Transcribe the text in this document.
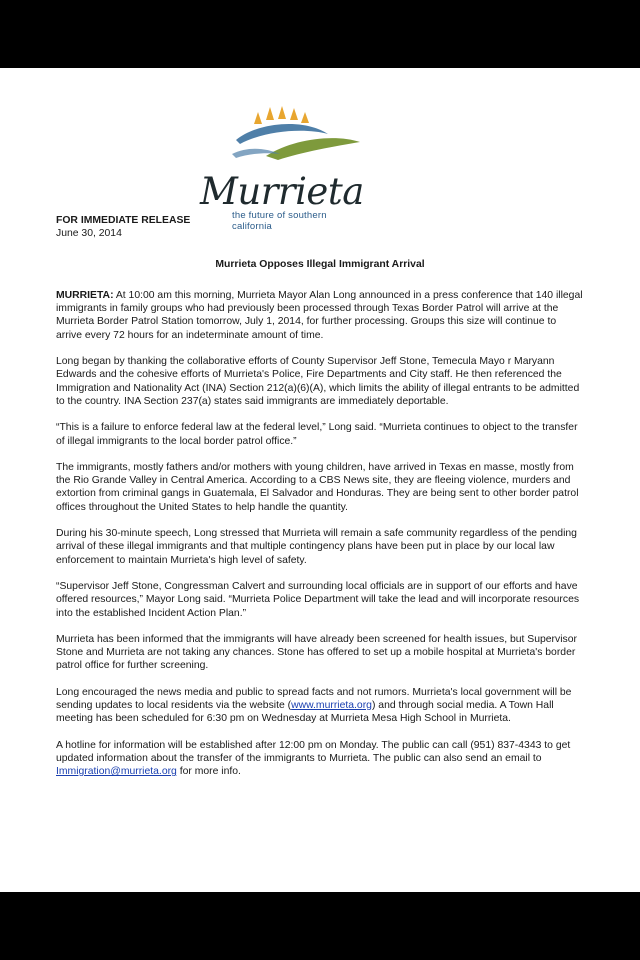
Murrieta
the future of southern california
FOR IMMEDIATE RELEASE
June 30, 2014
Murrieta Opposes Illegal Immigrant Arrival

MURRIETA: At 10:00 am this morning, Murrieta Mayor Alan Long announced in a press conference that 140 illegal immigrants in family groups who had previously been processed through Texas Border Patrol will arrive at the Murrieta Border Patrol Station tomorrow, July 1, 2014, for further processing. Groups this size will continue to arrive every 72 hours for an indeterminate amount of time.

Long began by thanking the collaborative efforts of County Supervisor Jeff Stone, Temecula Mayo r Maryann Edwards and the cohesive efforts of Murrieta's Police, Fire Departments and City staff. He then referenced the Immigration and Nationality Act (INA) Section 212(a)(6)(A), which limits the ability of illegal entrants to be admitted to the country. INA Section 237(a) states said immigrants are immediately deportable.

“This is a failure to enforce federal law at the federal level,” Long said. “Murrieta continues to object to the transfer of illegal immigrants to the local border patrol office.”

The immigrants, mostly fathers and/or mothers with young children, have arrived in Texas en masse, mostly from the Rio Grande Valley in Central America. According to a CBS News site, they are fleeing violence, murders and extortion from criminal gangs in Guatemala, El Salvador and Honduras. They are being sent to other border patrol offices throughout the United States to help handle the quantity.

During his 30-minute speech, Long stressed that Murrieta will remain a safe community regardless of the pending arrival of these illegal immigrants and that multiple contingency plans have been put in place by our local law enforcement to maintain Murrieta's high level of safety.

“Supervisor Jeff Stone, Congressman Calvert and surrounding local officials are in support of our efforts and have offered resources,” Mayor Long said. “Murrieta Police Department will take the lead and will incorporate resources into the established Incident Action Plan.”

Murrieta has been informed that the immigrants will have already been screened for health issues, but Supervisor Stone and Murrieta are not taking any chances. Stone has offered to set up a mobile hospital at Murrieta's border patrol office for further screening.

Long encouraged the news media and public to spread facts and not rumors. Murrieta's local government will be sending updates to local residents via the website (www.murrieta.org) and through social media. A Town Hall meeting has been scheduled for 6:30 pm on Wednesday at Murrieta Mesa High School in Murrieta.

A hotline for information will be established after 12:00 pm on Monday. The public can call (951) 837-4343 to get updated information about the transfer of the immigrants to Murrieta. The public can also send an email to Immigration@murrieta.org for more info.
